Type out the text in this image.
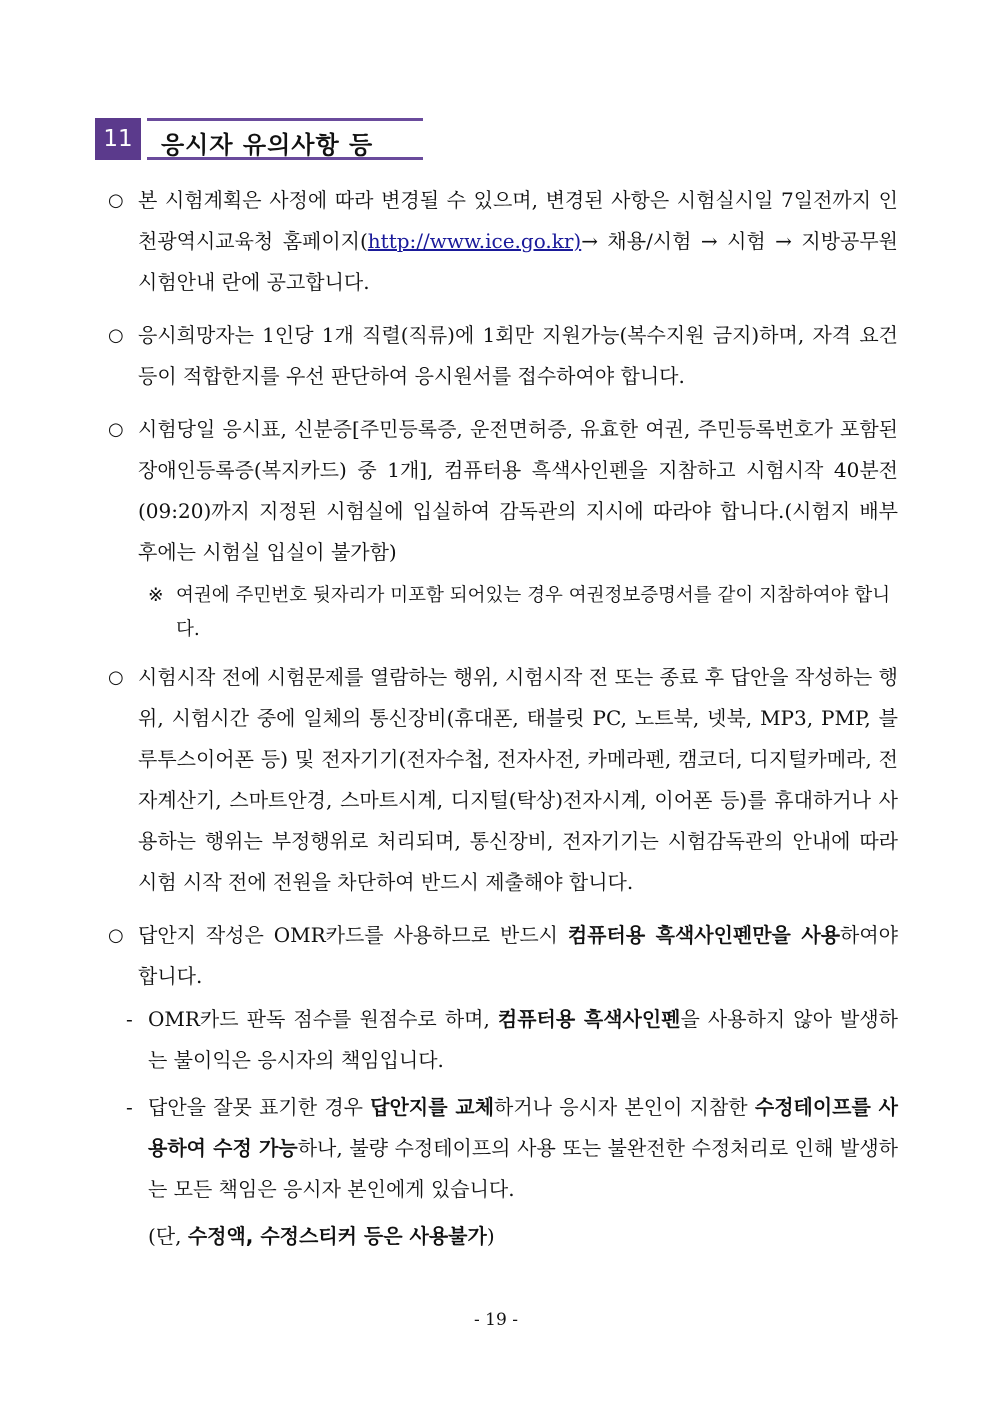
11	응시자 유의사항 등
○ 본 시험계획은 사정에 따라 변경될 수 있으며, 변경된 사항은 시험실시일 7일전까지 인천광역시교육청 홈페이지(http://www.ice.go.kr)→ 채용/시험 → 시험 → 지방공무원 시험안내 란에 공고합니다.
○ 응시희망자는 1인당 1개 직렬(직류)에 1회만 지원가능(복수지원 금지)하며, 자격 요건 등이 적합한지를 우선 판단하여 응시원서를 접수하여야 합니다.
○ 시험당일 응시표, 신분증[주민등록증, 운전면허증, 유효한 여권, 주민등록번호가 포함된 장애인등록증(복지카드) 중 1개], 컴퓨터용 흑색사인펜을 지참하고 시험시작 40분전(09:20)까지 지정된 시험실에 입실하여 감독관의 지시에 따라야 합니다.(시험지 배부 후에는 시험실 입실이 불가함)
※ 여권에 주민번호 뒷자리가 미포함 되어있는 경우 여권정보증명서를 같이 지참하여야 합니다.
○ 시험시작 전에 시험문제를 열람하는 행위, 시험시작 전 또는 종료 후 답안을 작성하는 행위, 시험시간 중에 일체의 통신장비(휴대폰, 태블릿 PC, 노트북, 넷북, MP3, PMP, 블루투스이어폰 등) 및 전자기기(전자수첩, 전자사전, 카메라펜, 캠코더, 디지털카메라, 전자계산기, 스마트안경, 스마트시계, 디지털(탁상)전자시계, 이어폰 등)를 휴대하거나 사용하는 행위는 부정행위로 처리되며, 통신장비, 전자기기는 시험감독관의 안내에 따라 시험 시작 전에 전원을 차단하여 반드시 제출해야 합니다.
○ 답안지 작성은 OMR카드를 사용하므로 반드시 컴퓨터용 흑색사인펜만을 사용하여야 합니다.
- OMR카드 판독 점수를 원점수로 하며, 컴퓨터용 흑색사인펜을 사용하지 않아 발생하는 불이익은 응시자의 책임입니다.
- 답안을 잘못 표기한 경우 답안지를 교체하거나 응시자 본인이 지참한 수정테이프를 사용하여 수정 가능하나, 불량 수정테이프의 사용 또는 불완전한 수정처리로 인해 발생하는 모든 책임은 응시자 본인에게 있습니다.
(단, 수정액, 수정스티커 등은 사용불가)
- 19 -
